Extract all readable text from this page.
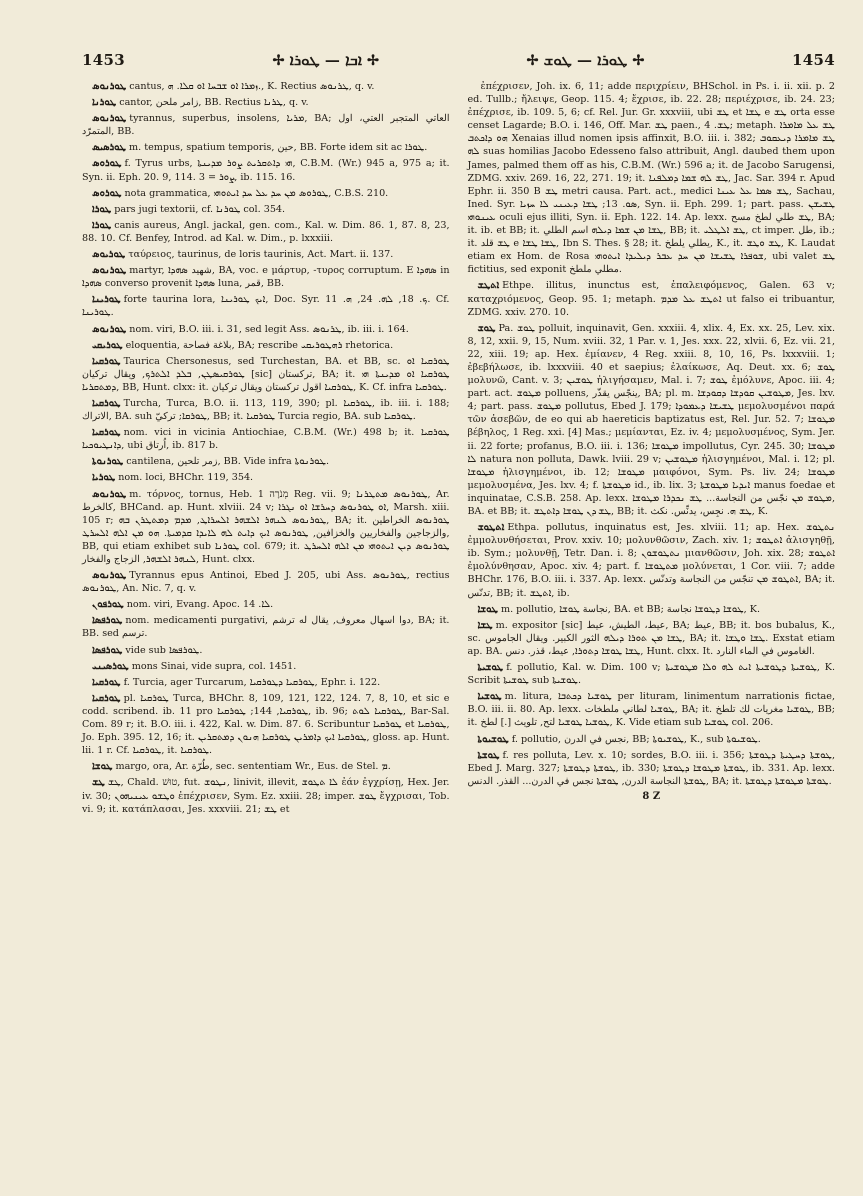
1453	✢ ܐܒܐ — ܛܘܪܐ ✢	✢ ܛܘܪܐ — ܛܘܫ ✢	1454

ܛܘܪܢܘܣ cantus, ܙܡܪܐ ܐܘ ܫܒܚܐ ܐܘ ܩܠܐ. ܗ., K. Rectius ܛܪܢܘܣ, q. v.

ܛܘܪܢܐ cantor, زامر ملحن, BB. Rectius ܛܪܢܐ, q. v.

ܛܘܪܢܘܣ tyrannus, superbus, insolens, ܡܪܝܐ, BA; العاتي المتجبر العتي، اول المتمرّد, BB.

ܛܘܪܣܝܣ m. tempus, spatium temporis, حين, BB. Forte idem sit ac ܛܘܪܐ.

ܛܘܪܘܣ f. Tyrus urbs, ܗܝ ܕܐܬܩܪܝܬ ܨܘܪ ܡܕܝܢܬܐ, C.B.M. (Wr.) 945 a, 975 a; it. Syn. ii. Eph. 20. 9, 114. 3 = ܨܘܪ, ib. 115. 16.

ܛܘܪܘܣ nota grammatica, ܛܘܪܘܣ ܡܢ ܚܕ ܥܠ ܚܕ ܐܝܬܘܗܝ, C.B.S. 210.

ܛܘܪܐ pars jugi textorii, cf. ܛܘܪܢܐ col. 354.

ܛܘܪܐ canis aureus, Angl. jackal, gen. com., Kal. w. Dim. 86. 1, 87. 8, 23, 88. 10. Cf. Benfey, Introd. ad Kal. w. Dim., p. lxxxiii.

ܛܘܪܝܘܣ ταύρειος, taurinus, de loris taurinis, Act. Mart. ii. 137.

ܛܘܪܢܘܣ martyr, شهيد ܣܗܕܐ, BA, voc. e μάρτυρ, -τυρος corruptum. E ܣܗܕܐ in ܣܗܕܐ converso provenit ܣܗܕܐ luna, قمر, BB.

ܛܘܪܝܢܐ forte taurina lora, ܐܝܟ ܛܘܪܝܢܐ, Doc. Syr. ܟ. 18, ܠܗ. 24, ܗ. 11. Cf. ܛܘܪܝܢܐ.

ܛܘܪܢܘܣ nom. viri, B.O. iii. i. 31, sed legit Ass. ܛܪܢܘܣ, ib. iii. i. 164.

ܛܘܪܝܩܝ eloquentia, بلاغة فصاحة, BA; rescribe ܪܗܛܘܪܝܩܝ rhetorica.

ܛܘܪܩܝܐ Taurica Chersonesus, sed Turchestan, BA. et BB, sc. ܛܘܪܩܝܐ ܐܘ ܛܘܪܩܝܣܛܢ, ܒܠܕ ܐܠܬܪܟ, ويقال تركيان [sic] تركستان, BA; it. ܛܘܪܩܝܐ ܐܘ ܡܕܝܢܬܐ ܗܝ ܕܡܬܩܪܝܐ, BB, Hunt. clxx: it. ܛܘܪܩܝܐ اقول تركستان ويقال تركيان, K. Cf. infra ܛܘܪܩܝܐ.

ܛܘܪܩܝܐ Turcha, Turca, B.O. ii. 113, 119, 390; pl. ܛܘܪܩܝܐ, ib. iii. i. 188; الاتراك, BA. suh ܛܘܪܩܐ; تركيّ, BB; it. ܛܘܪܩܝܐ Turcia regio, BA. sub ܛܘܪܩܝܐ.

ܛܘܪܩܝܐ nom. vici in vicinia Antiochiae, C.B.M. (Wr.) 498 b; it. ܛܘܪܩܝܐ ܕܐܢܛܝܘܟܝܐ, ubi اُرتاق, ib. 817 b.

ܛܘܪܢܘܬܐ cantilena, زمر تلحين, BB. Vide infra ܛܘܪܢܘܬܐ.

ܛܘܪܝܐ nom. loci, BHChr. 119, 354.

ܛܘܪܢܘܣ m. τόρνος, tornus, Heb. מְנֹרָה 1 Reg. vii. 9; ܛܘܪܢܘܣ ܡܬܛܪܢܐ, Ar. كالخرط, BHCand. ap. Hunt. xlviii. 24 v; ܐܘ ܛܘܪܢܘܣ ܕܚܪܫܐ ܐܘ ܢܓܪܐ, Marsh. xiii. 105 r; ܛܘܪܢܘܣ ܠܢܗܪ ܐܠܫܗܪ ܐܠܚܪܐܛ, ܡܕܡ ܕܡܬܛܪܢ ܒܗ, BA; it. ܛܘܪܢܘܣ الخراطين والزجاجين والفخاريين والخزافين, ܛܘܪܢܘܣ ܐܝܟ ܕܐܝܬ ܠܗ ܠܐܝܕܐ ܩܕܡܝܬܐ. ܗܘ ܡܢ ܐܠܗ ܐܠܚܪܛ, BB, qui etiam exhibet sub ܛܘܪܢܐ col. 679; it. ܛܘܪܢܘܣ ܕܝܢ ܐܝܬܘܗܝ ܡܢ ܐܠܗ ܐܠܚܪܛ ܠܢܗܪ ܐܠܫܗܪ, الزجاج والفخار, Hunt. clxx.

ܛܘܪܢܘܣ Tyrannus epus Antinoi, Ebed J. 205, ubi Ass. ܛܘܪܢܘܣ, rectius ܛܘܪܢܘܣ, An. Nic. 7, q. v.

ܛܘܪܦܘܢ nom. viri, Evang. Apoc. ܠܐ. 14.

ܛܘܪܦܣܐ nom. medicamenti purgativi, دوا اسهال معروف, يقال له ترشم, BA; it. BB. sed ترسم.

ܛܘܪܦܣܐ vide sub ܛܘܪܦܣܐ.

ܛܘܪܣܝܢܝ mons Sinai, vide supra, col. 1451.

ܛܘܪܩܝܐ f. Turcia, ager Turcarum, ܛܘܪܩܝܐ ܕܛܘܪܩܝܐ, Ephr. i. 122.

ܛܘܪܩܝܐ pl. ܛܘܪܩܝܐ Turca, BHChr. 8, 109, 121, 122, 124. 7, 8, 10, et sic e codd. scribend. ib. 11 pro ܛܘܪܩܝܐ, 144; ܛܘܪܩܝܐ, ib. 96; ܛܘܪܩܝܐ ܠܘܬ, Bar-Sal. Com. 89 r; it. B.O. iii. i. 422, Kal. w. Dim. 87. 6. Scribuntur ܛܘܪܩܝܐ et ܛܘܪܩܝܐ, Jo. Eph. 395. 12, 16; it. ܛܘܪܩܝܐ ܐܝܟ ܕܐܡܪܝܢ ܛܘܪܩܝܐ ܗܢܘܢ ܕܡܬܩܪܝܢ, gloss. ap. Hunt. lii. 1 r. Cf. ܛܘܪܩܝܐ, it. ܛܘܪܩܝܐ.

ܛܘܫܐ margo, ora, Ar. طُرّة, sec. sententiam Wr., Eus. de Stel. ܡ.

ܛܫ ܛܫ, Chald. טוּשׁ, fut. ܢܛܘܫ, linivit, illevit, ܠܐ ܬܛܘܫ ἐάν ἐγχρίσῃ, Hex. Jer. iv. 30; ܘܛܫܘ ܥܝܢܝܗܘܢ ἐπέχρισεν, Sym. Ez. xxiii. 28; imper. ܛܘܫ ἔγχρισαι, Tob. vi. 9; it. κατάπλασαι, Jes. xxxviii. 21; ܛܫ et

ἐπέχρισεν, Joh. ix. 6, 11; adde περιχρίειν, BHSchol. in Ps. i. ii. xii. p. 2 ed. Tullb.; ἤλειψε, Geop. 115. 4; ἔχρισε, ib. 22. 28; περιέχρισε, ib. 24. 23; ἐπέχρισε, ib. 109. 5, 6; cf. Rel. Jur. Gr. xxxviii, ubi ܛܫ et ܛܫܐ e ܛܫ orta esse censet Lagarde; B.O. i. 146, Off. Mar. ܛܫ paen., ܛܫ. 4; metaph. ܛܫ ܥܠ ܡܐܡܪܐ ܗܘ ܕܐܟܬܒ Xenaias illud nomen ipsis affinxit, B.O. iii. i. 382; ܛܫ ܡܐܡܪܐ ܕܝܥܩܘܒ ܠܗ suas homilias Jacobo Edesseno falso attribuit, Angl. daubed them upon James, palmed them off as his, C.B.M. (Wr.) 596 a; it. de Jacobo Sarugensi, ZDMG. xxiv. 269. 16, 22, 271. 19; it. ܛܫ ܠܗ ܫܡܐ ܕܡܠܦܢܐ, Jac. Sar. 394 r. Apud Ephr. ii. 350 B ܛܫ metri causa. Part. act., medici ܛܫ ܣܡܐ ܥܠ ܥܝܢܐ, Sachau, Ined. Syr. ܣܘ. 13; ܛܫܐ ܕܥܝܢܝ ܠܐ ܚܙܝܐ, Syn. ii. Eph. 299. 1; part. pass. ܛܫܝܫܢ ܥܝܢܘܗܝ oculi ejus illiti, Syn. ii. Eph. 122. 14. Ap. lexx. ܛܫ طلي لطخ مسح, BA; it. ib. et BB; it. ܛܫܐ ܡܢ ܫܡܐ ܕܝܠܗ اسم الطلي, BB; it. ܛܫ ܐܠܛܠܝ, ct imper. طل, ib.; it. ܛܫ قلد e ܛܫܐ ܛܫܐ, Ibn S. Thes. § 28; it. يطلي يلطخ, K., it. ܛܫ ܘܛܫ, K. Laudat etiam ex Hom. de Rosa ܫܘܦܪܐ ܛܫܝܫܐ ܡܢ ܚܕ ܥܒܪ ܕܝܠܝܕܐ ܐܝܬܘܗܝ, ubi valet ܛܫ fictitius, sed exponit مطلي ملطخ.

ܐܬܛܫ Ethpe. illitus, inunctus est, ἐπαλειφόμενος, Galen. 63 v; καταχριόμενος, Geop. 95. 1; metaph. ܐܬܛܫ ܥܠ ܡܕܡ ut falso ei tribuantur, ZDMG. xxiv. 270. 10.

ܛܘܫ Pa. ܛܘܫ polluit, inquinavit, Gen. xxxiii. 4, xlix. 4, Ex. xx. 25, Lev. xix. 8, 12, xxii. 9, 15, Num. xviii. 32, 1 Par. v. 1, Jes. xxx. 22, xlvii. 6, Ez. vii. 21, 22, xiii. 19; ap. Hex. ἐμίανεν, 4 Reg. xxiii. 8, 10, 16, Ps. lxxxviii. 1; ἐβεβήλωσε, ib. lxxxviii. 40 et saepius; ἐλαίκωσε, Aq. Deut. xx. 6; ܛܘܫ μολυνῶ, Cant. v. 3; ܛܘܫܝܢ ἠλιγήσαμεν, Mal. i. 7; ܛܘܫ ἐμόλυνε, Apoc. iii. 4; part. act. ܡܛܘܫ polluens, ينجّس يقذّر, BA; pl. m. ܡܛܘܫܝܢ ܩܘܕܫܐ ܕܩܘܕܫܐ, Jes. lxv. 4; part. pass. ܡܛܘܫ pollutus, Ebed J. 179; ܛܫܝܫܐ ܕܥܡܘܕܐ μεμολυσμένοι παρά τῶν ἀσεβῶν, de eo qui ab haereticis baptizatus est, Rel. Jur. 52. 7; ܡܛܘܫܐ βέβηλος, 1 Reg. xxi. [4] Mas.; μεμίανται, Ez. iv. 4; μεμολυσμένος, Sym. Jer. ii. 22 forte; profanus, B.O. iii. i. 136; ܡܛܘܫܐ impollutus, Cyr. 245. 30; ܡܛܘܫܐ ܠܐ natura non polluta, Dawk. lviii. 29 v; ܡܛܘܫܝܢ ἠλισγημένοι, Mal. i. 12; pl. ܡܛܘܫܐ ἠλισγημένοι, ib. 12; ܡܛܘܫܐ μαιφόνοι, Sym. Ps. liv. 24; ܡܛܘܫܐ μεμολυσμένα, Jes. lxv. 4; f. ܡܛܘܫܬܐ id., ib. lix. 3; ܐܝܕܝܐ ܡܛܘܫܬܐ manus foedae et inquinatae, C.S.B. 258. Ap. lexx. ܡܛܘܫ ܡܢ نجّس من النجاسة... ܛܫ ܢܟܕܪܐ ܡܛܘܫܐ, BA. et BB; it. ܛܫ ܕܢ ܛܘܫܐ ܕܐܬܛܫ, BB; it. ܛܫ ܗ. نجِس، يدنِّس. نكث, K.

ܐܬܛܘܫ Ethpa. pollutus, inquinatus est, Jes. xlviii. 11; ap. Hex. ܢܬܛܘܫ ἐμμολυνθήσεται, Prov. xxiv. 10; μολυνθῶσιν, Zach. xiv. 1; ܐܬܛܘܫ ἀλισγηθῇ, ib. Sym.; μολυνθῇ, Tetr. Dan. i. 8; ܢܬܛܘܫܘܢ μιανθῶσιν, Joh. xix. 28; ܐܬܛܘܫ ἐμολύνθησαν, Apoc. xiv. 4; part. f. ܡܬܛܘܫܐ μολύνεται, 1 Cor. viii. 7; adde BHChr. 176, B.O. iii. i. 337. Ap. lexx. ܐܬܛܘܫ ܡܢ تنجّس من النجاسة وتدنّس, BA; it. تدنّس, BB; it. ܐܬܛܫ, ib.

ܛܘܫܐ m. pollutio, نجاسة ܛܘܫܐ, BA. et BB; ܛܘܫܐ ܕܛܘܫܐ نجاسة, K.

ܛܫܐ m. expositor [sic] عيط، الطيش، عيط, BA; عيط, BB; it. bos bubalus, K., sc. ܛܫܐ ܡܢ ܬܘܪܐ ܕܝܠܗ الثور الكبير. ويقال الجاموس, BA; it. ܛܫܐ ܘܛܫܐ. Exstat etiam ap. BA. ܛܫܐ ܛܘܫܐ ܕܬܘܪܐ, عيط، قذر. دنس, Hunt. clxx. It. الغاموس في الماء النارد.

ܛܘܫܝܬܐ f. pollutio, Kal. w. Dim. 100 v; ܛܘܫܝܬܐ ܕܛܘܫܝܬܐ ܐܝܬ ܠܗ ܘܠܐ ܡܛܘܫܝܬܐ, K. Scribit ܛܘܫܝܬܐ sub ܛܘܫܝܬܐ.

ܛܘܫܝܐ m. litura, ܛܘܫܝܐ ܕܟܬܒܐ per lituram, linimentum narrationis fictae, B.O. iii. ii. 80. Ap. lexx. ܛܘܫܝܐ لطاني ملطخات, BA; it. ܛܘܫܝܐ مغريات لك تلطخ, BB; it. ܛܘܫܝܐ ܛܘܫܝܐ لتح, تلويث [.] لطخ, K. Vide etiam sub ܛܘܫܝܐ col. 206.

ܛܘܫܝܘܬܐ f. pollutio, نجس في الدرن, BB; ܛܘܫܝܘܬܐ, K., sub ܛܘܫܝܘܬܐ.

ܛܘܫܬܐ f. res polluta, Lev. x. 10; sordes, B.O. iii. i. 356; ܛܘܫܬܐ ܕܚܛܝܬܐ ܕܛܘܫܬܐ, Ebed J. Marg. 327; ܛܘܫܬܐ ܕܛܘܫܬܐ, ib. 330; ܛܘܫܬܐ ܡܛܘܫܐ ܕܛܘܫܬܐ, ib. 331. Ap. lexx. ܛܘܫܬܐ النجاسة الدرن, ܛܘܫܬܐ نجس في الدرن... القذر. الدنس, BA; it. ܛܘܫܬܐ ܡܛܘܫܬܐ ܕܛܘܫܬܐ.

8 Z
